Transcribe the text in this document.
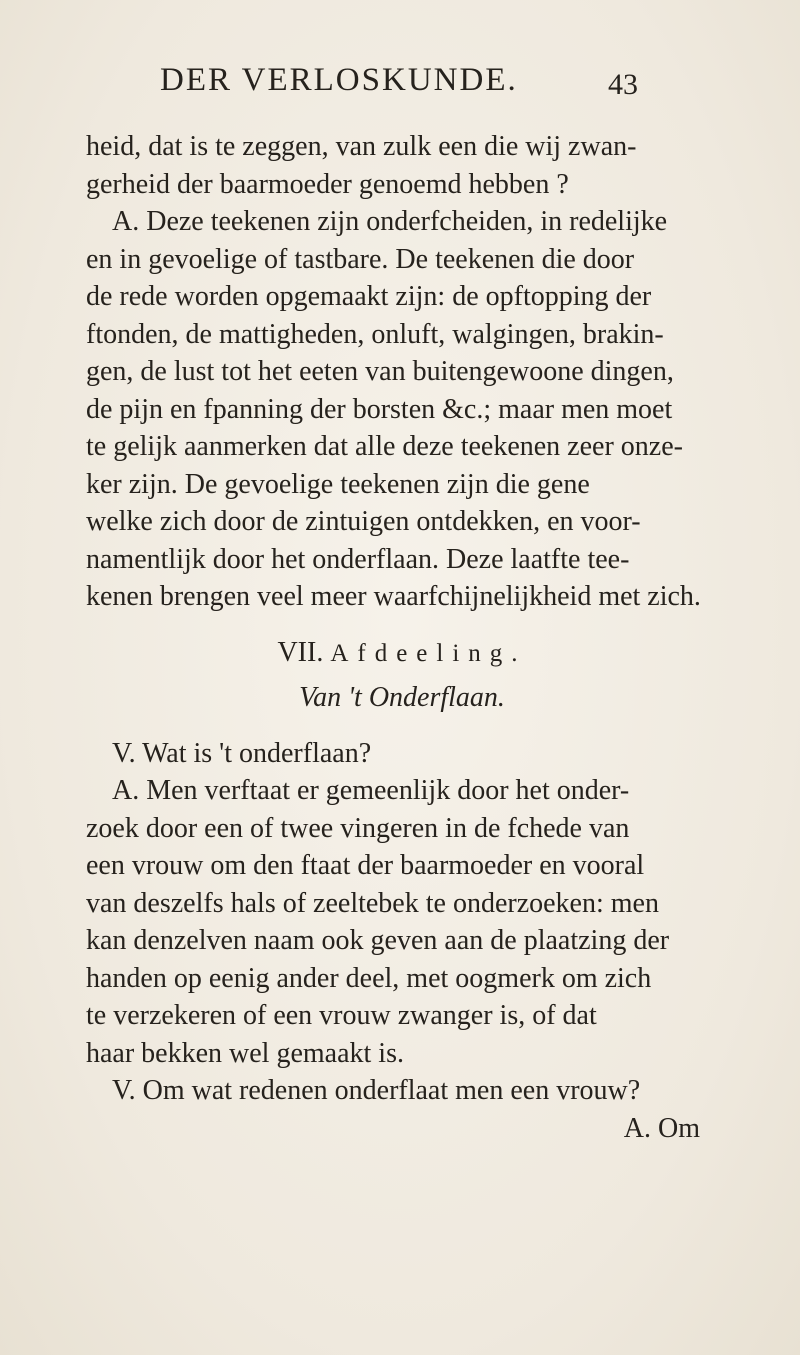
DER VERLOSKUNDE.	43
heid, dat is te zeggen, van zulk een die wij zwan-
gerheid der baarmoeder genoemd hebben ?
A. Deze teekenen zijn onderfcheiden, in redelijke
en in gevoelige of tastbare. De teekenen die door
de rede worden opgemaakt zijn: de opftopping der
ftonden, de mattigheden, onluft, walgingen, brakin-
gen, de lust tot het eeten van buitengewoone dingen,
de pijn en fpanning der borsten &c.; maar men moet
te gelijk aanmerken dat alle deze teekenen zeer onze-
ker zijn. De gevoelige teekenen zijn die gene
welke zich door de zintuigen ontdekken, en voor-
namentlijk door het onderflaan. Deze laatfte tee-
kenen brengen veel meer waarfchijnelijkheid met zich.
VII. Afdeeling.
Van 't Onderflaan.
V. Wat is 't onderflaan?
A. Men verftaat er gemeenlijk door het onder-
zoek door een of twee vingeren in de fchede van
een vrouw om den ftaat der baarmoeder en vooral
van deszelfs hals of zeeltebek te onderzoeken: men
kan denzelven naam ook geven aan de plaatzing der
handen op eenig ander deel, met oogmerk om zich
te verzekeren of een vrouw zwanger is, of dat
haar bekken wel gemaakt is.
V. Om wat redenen onderflaat men een vrouw?
A. Om
